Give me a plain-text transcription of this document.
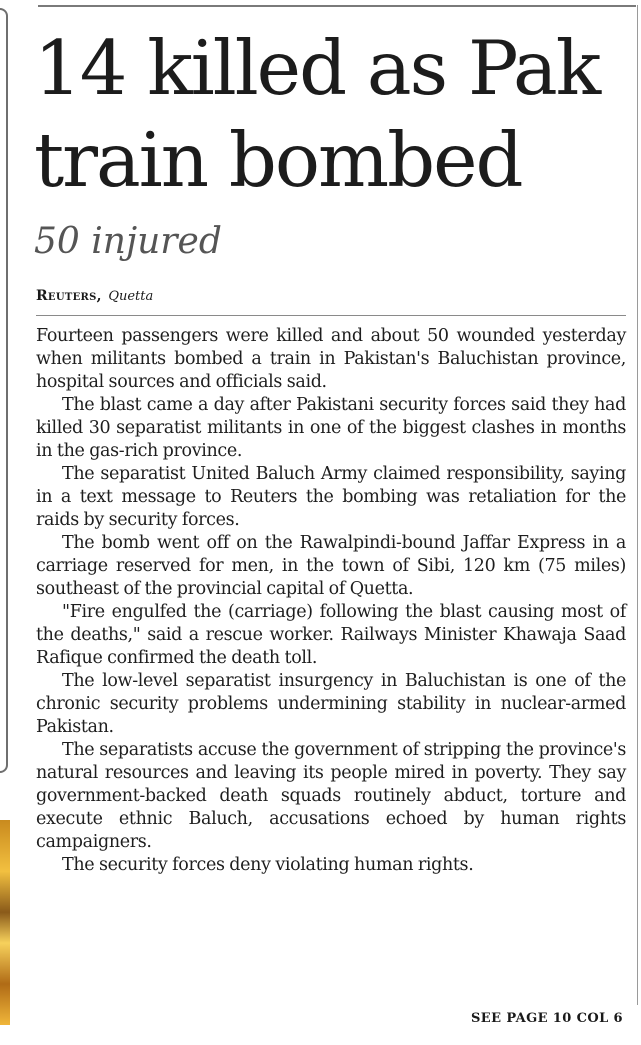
14 killed as Pak train bombed
50 injured
Reuters, Quetta

Fourteen passengers were killed and about 50 wounded yesterday when militants bombed a train in Pakistan's Baluchistan province, hospital sources and officials said.

The blast came a day after Pakistani security forces said they had killed 30 separatist militants in one of the biggest clashes in months in the gas-rich province.

The separatist United Baluch Army claimed responsibility, saying in a text message to Reuters the bombing was retaliation for the raids by security forces.

The bomb went off on the Rawalpindi-bound Jaffar Express in a carriage reserved for men, in the town of Sibi, 120 km (75 miles) southeast of the provincial capital of Quetta.

"Fire engulfed the (carriage) following the blast causing most of the deaths," said a rescue worker. Railways Minister Khawaja Saad Rafique confirmed the death toll.

The low-level separatist insurgency in Baluchistan is one of the chronic security problems undermining stability in nuclear-armed Pakistan.

The separatists accuse the government of stripping the province's natural resources and leaving its people mired in poverty. They say government-backed death squads routinely abduct, torture and execute ethnic Baluch, accusations echoed by human rights campaigners.

The security forces deny violating human rights.

SEE PAGE 10 COL 6
